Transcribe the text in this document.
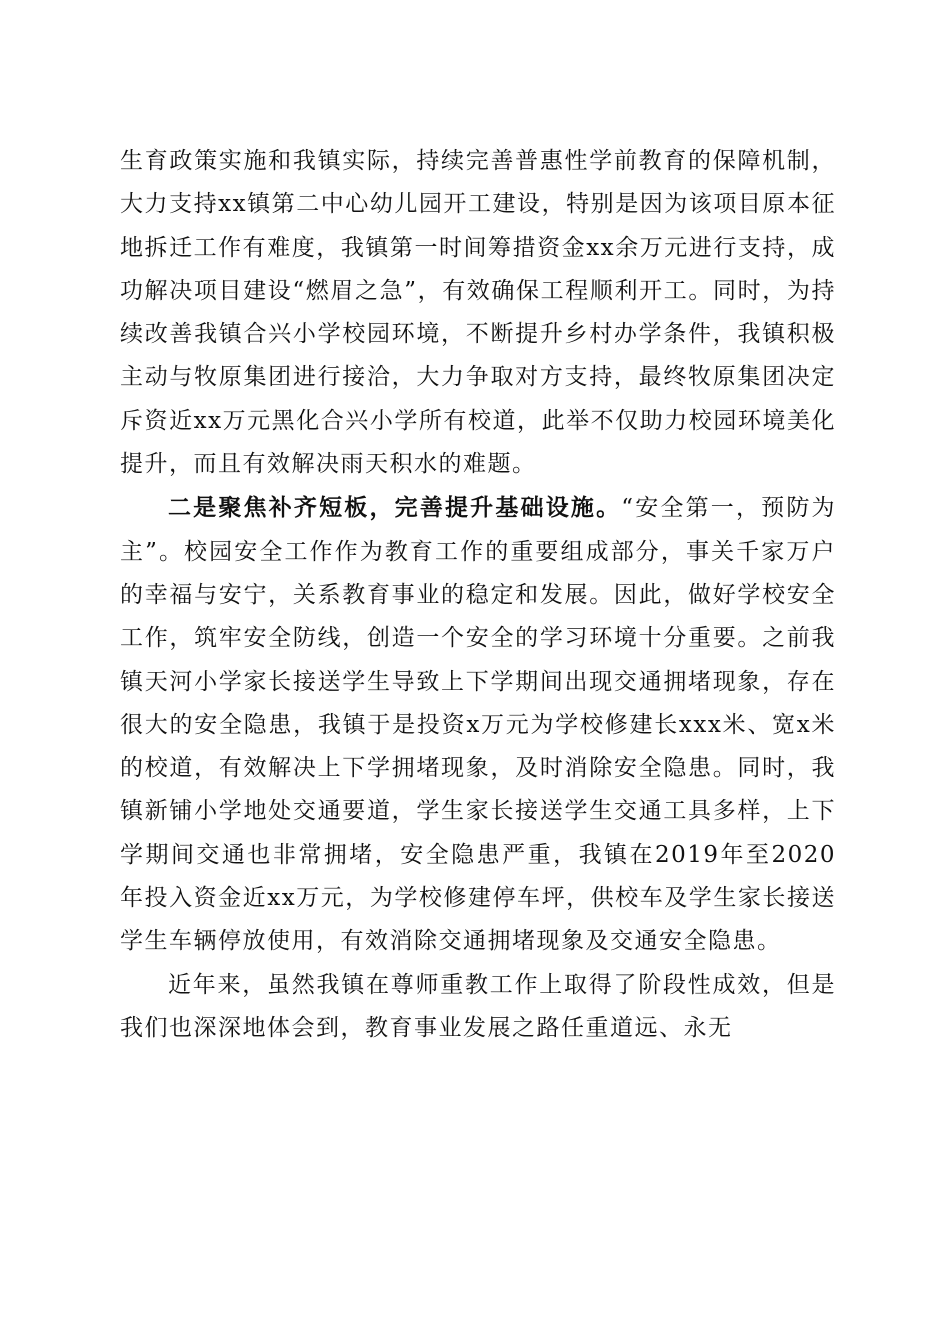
生育政策实施和我镇实际，持续完善普惠性学前教育的保障机制，大力支持xx镇第二中心幼儿园开工建设，特别是因为该项目原本征地拆迁工作有难度，我镇第一时间筹措资金xx余万元进行支持，成功解决项目建设“燃眉之急”，有效确保工程顺利开工。同时，为持续改善我镇合兴小学校园环境，不断提升乡村办学条件，我镇积极主动与牧原集团进行接洽，大力争取对方支持，最终牧原集团决定斥资近xx万元黑化合兴小学所有校道，此举不仅助力校园环境美化提升，而且有效解决雨天积水的难题。

二是聚焦补齐短板，完善提升基础设施。“安全第一，预防为主”。校园安全工作作为教育工作的重要组成部分，事关千家万户的幸福与安宁，关系教育事业的稳定和发展。因此，做好学校安全工作，筑牢安全防线，创造一个安全的学习环境十分重要。之前我镇天河小学家长接送学生导致上下学期间出现交通拥堵现象，存在很大的安全隐患，我镇于是投资x万元为学校修建长xxx米、宽x米的校道，有效解决上下学拥堵现象，及时消除安全隐患。同时，我镇新铺小学地处交通要道，学生家长接送学生交通工具多样，上下学期间交通也非常拥堵，安全隐患严重，我镇在2019年至2020年投入资金近xx万元，为学校修建停车坪，供校车及学生家长接送学生车辆停放使用，有效消除交通拥堵现象及交通安全隐患。

近年来，虽然我镇在尊师重教工作上取得了阶段性成效，但是我们也深深地体会到，教育事业发展之路任重道远、永无
